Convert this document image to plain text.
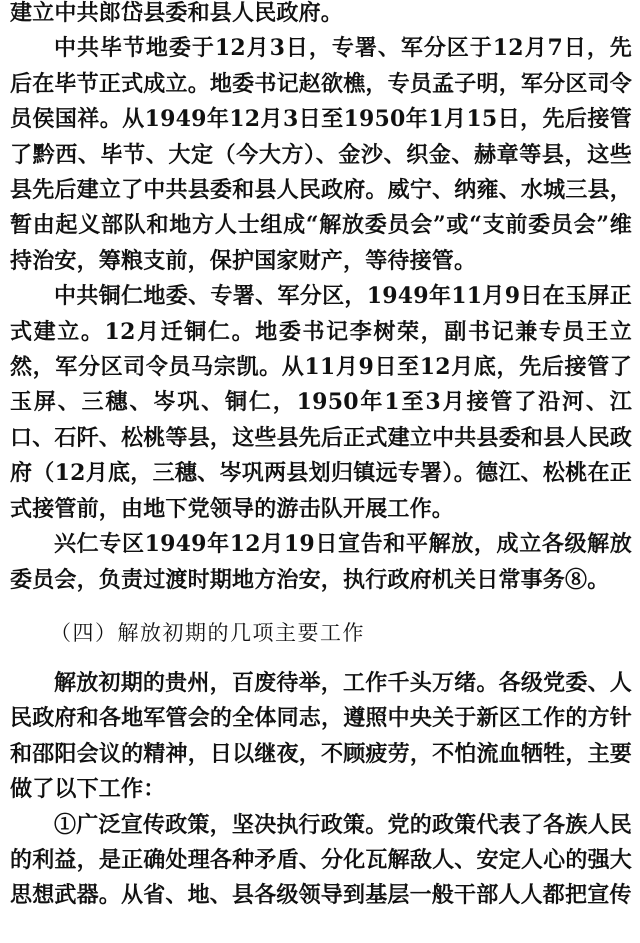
建立中共郎岱县委和县人民政府。

中共毕节地委于12月3日，专署、军分区于12月7日，先后在毕节正式成立。地委书记赵欲樵，专员孟子明，军分区司令员侯国祥。从1949年12月3日至1950年1月15日，先后接管了黔西、毕节、大定（今大方）、金沙、织金、赫章等县，这些县先后建立了中共县委和县人民政府。威宁、纳雍、水城三县，暂由起义部队和地方人士组成“解放委员会”或“支前委员会”维持治安，筹粮支前，保护国家财产，等待接管。

中共铜仁地委、专署、军分区，1949年11月9日在玉屏正式建立。12月迁铜仁。地委书记李树荣，副书记兼专员王立然，军分区司令员马宗凯。从11月9日至12月底，先后接管了玉屏、三穗、岑巩、铜仁，1950年1至3月接管了沿河、江口、石阡、松桃等县，这些县先后正式建立中共县委和县人民政府（12月底，三穗、岑巩两县划归镇远专署）。德江、松桃在正式接管前，由地下党领导的游击队开展工作。

兴仁专区1949年12月19日宣告和平解放，成立各级解放委员会，负责过渡时期地方治安，执行政府机关日常事务⑧。

（四）解放初期的几项主要工作

解放初期的贵州，百废待举，工作千头万绪。各级党委、人民政府和各地军管会的全体同志，遵照中央关于新区工作的方针和邵阳会议的精神，日以继夜，不顾疲劳，不怕流血牺牲，主要做了以下工作：

①广泛宣传政策，坚决执行政策。党的政策代表了各族人民的利益，是正确处理各种矛盾、分化瓦解敌人、安定人心的强大思想武器。从省、地、县各级领导到基层一般干部人人都把宣传
